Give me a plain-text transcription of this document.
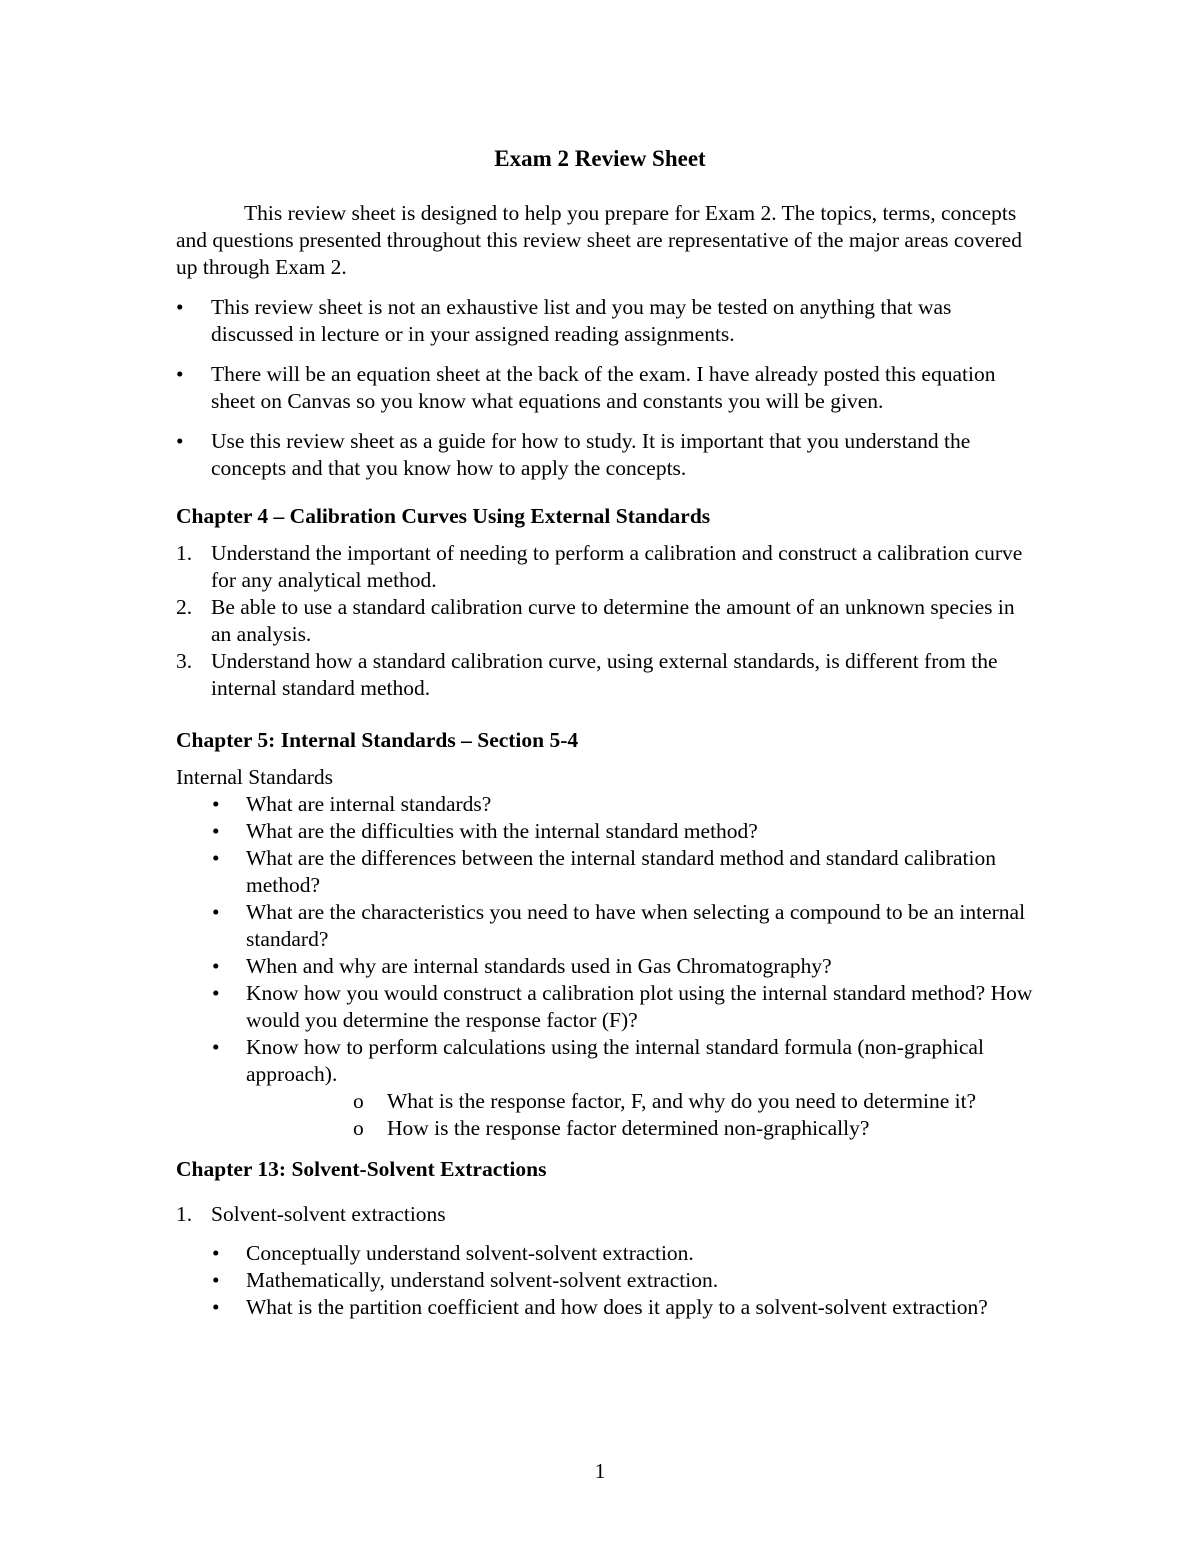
Exam 2 Review Sheet

This review sheet is designed to help you prepare for Exam 2. The topics, terms, concepts and questions presented throughout this review sheet are representative of the major areas covered up through Exam 2.

•	This review sheet is not an exhaustive list and you may be tested on anything that was discussed in lecture or in your assigned reading assignments.
•	There will be an equation sheet at the back of the exam. I have already posted this equation sheet on Canvas so you know what equations and constants you will be given.
•	Use this review sheet as a guide for how to study. It is important that you understand the concepts and that you know how to apply the concepts.

Chapter 4 – Calibration Curves Using External Standards

1. Understand the important of needing to perform a calibration and construct a calibration curve for any analytical method.
2. Be able to use a standard calibration curve to determine the amount of an unknown species in an analysis.
3. Understand how a standard calibration curve, using external standards, is different from the internal standard method.

Chapter 5: Internal Standards – Section 5-4

Internal Standards

• What are internal standards?
• What are the difficulties with the internal standard method?
• What are the differences between the internal standard method and standard calibration method?
• What are the characteristics you need to have when selecting a compound to be an internal standard?
• When and why are internal standards used in Gas Chromatography?
• Know how you would construct a calibration plot using the internal standard method? How would you determine the response factor (F)?
• Know how to perform calculations using the internal standard formula (non-graphical approach).
o What is the response factor, F, and why do you need to determine it?
o How is the response factor determined non-graphically?

Chapter 13: Solvent-Solvent Extractions

1. Solvent-solvent extractions
• Conceptually understand solvent-solvent extraction.
• Mathematically, understand solvent-solvent extraction.
• What is the partition coefficient and how does it apply to a solvent-solvent extraction?
1
